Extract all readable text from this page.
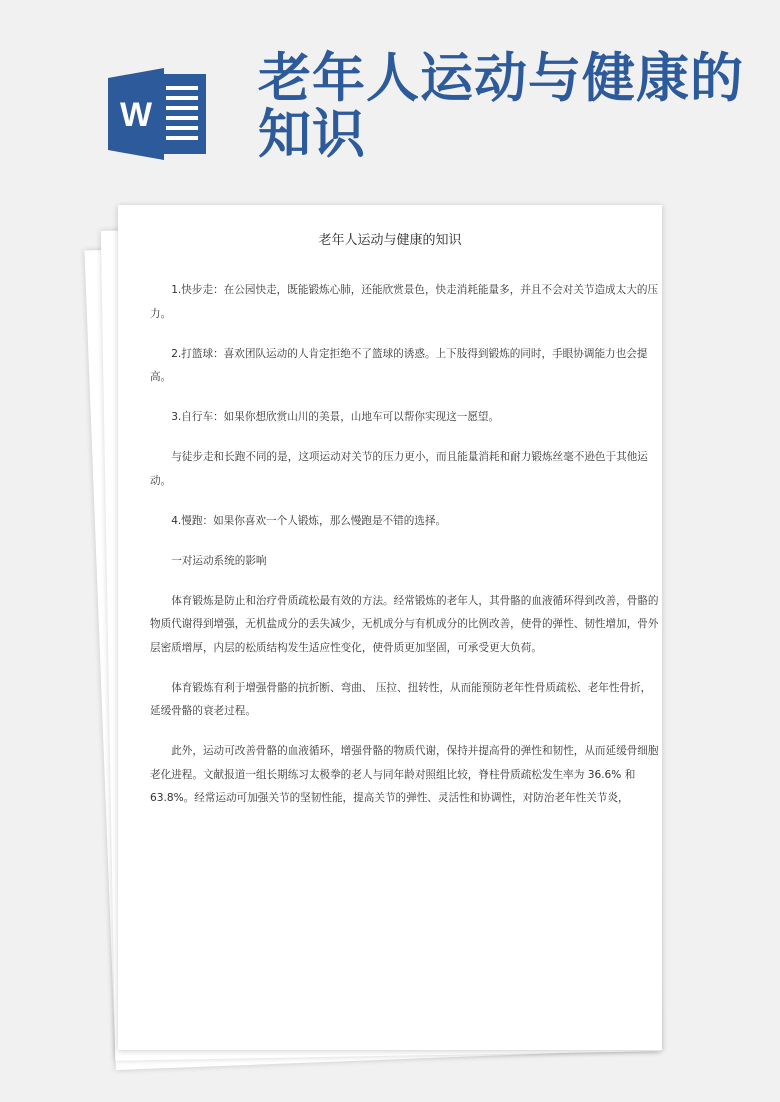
W
老年人运动与健康的知识
老年人运动与健康的知识

1.快步走：在公园快走，既能锻炼心肺，还能欣赏景色，快走消耗能量多，并且不会对关节造成太大的压力。

2.打篮球：喜欢团队运动的人肯定拒绝不了篮球的诱惑。上下肢得到锻炼的同时，手眼协调能力也会提高。

3.自行车：如果你想欣赏山川的美景，山地车可以帮你实现这一愿望。

与徒步走和长跑不同的是，这项运动对关节的压力更小，而且能量消耗和耐力锻炼丝毫不逊色于其他运动。

4.慢跑：如果你喜欢一个人锻炼，那么慢跑是不错的选择。

一对运动系统的影响

体育锻炼是防止和治疗骨质疏松最有效的方法。经常锻炼的老年人，其骨骼的血液循环得到改善，骨骼的物质代谢得到增强，无机盐成分的丢失减少，无机成分与有机成分的比例改善，使骨的弹性、韧性增加，骨外层密质增厚，内层的松质结构发生适应性变化，使骨质更加坚固，可承受更大负荷。

体育锻炼有利于增强骨骼的抗折断、弯曲、 压拉、扭转性，从而能预防老年性骨质疏松、老年性骨折，延缓骨骼的衰老过程。

此外，运动可改善骨骼的血液循环，增强骨骼的物质代谢，保持并提高骨的弹性和韧性，从而延缓骨细胞老化进程。文献报道一组长期练习太极拳的老人与同年龄对照组比较，脊柱骨质疏松发生率为 36.6% 和 63.8%。经常运动可加强关节的坚韧性能，提高关节的弹性、灵活性和协调性，对防治老年性关节炎，
